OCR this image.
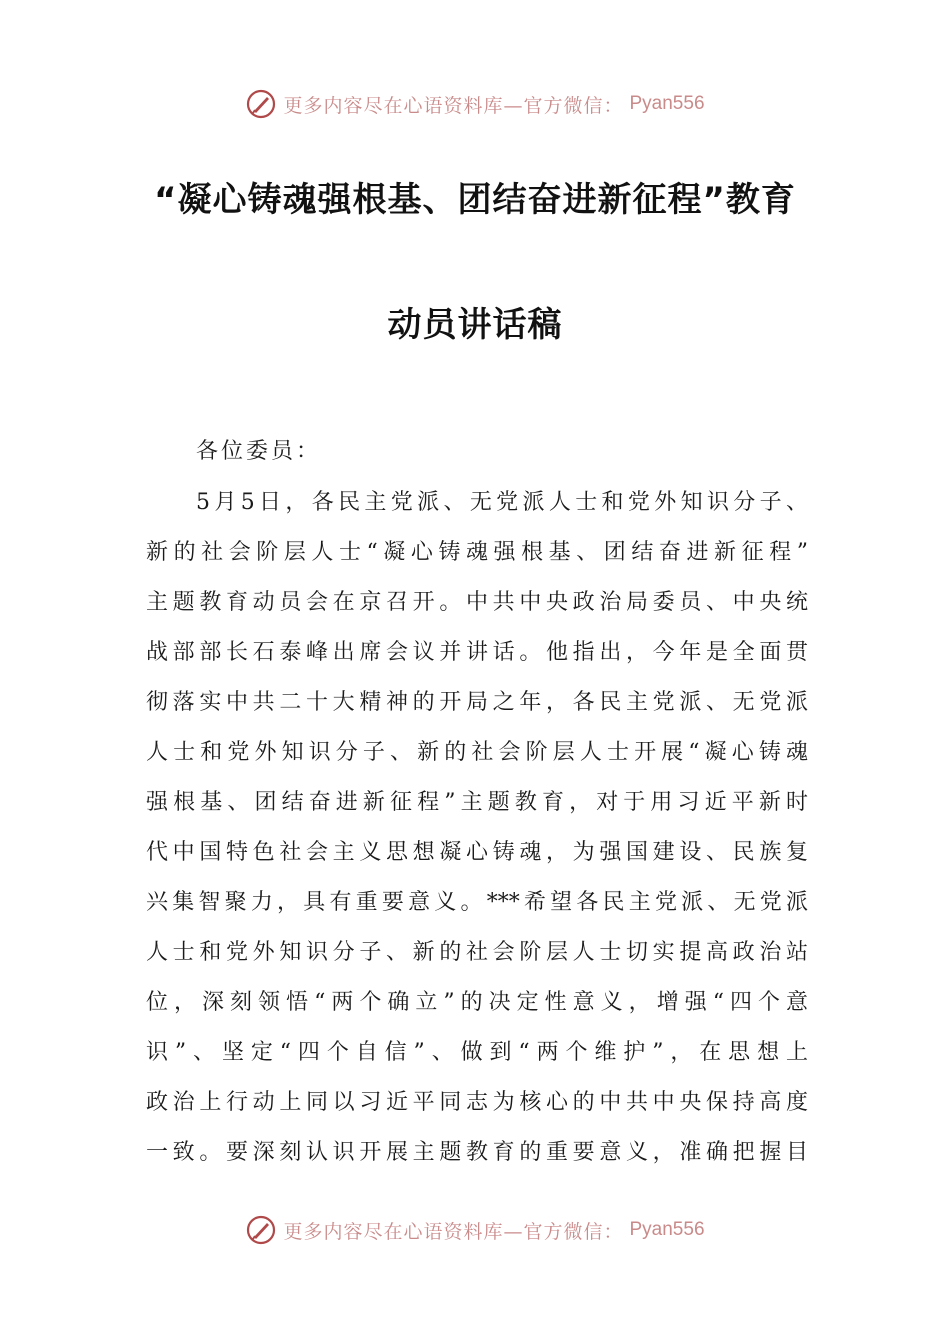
更多内容尽在心语资料库—官方微信： Pyan556
“凝心铸魂强根基、团结奋进新征程”教育
动员讲话稿
各位委员：
5月5日，各民主党派、无党派人士和党外知识分子、
新的社会阶层人士“凝心铸魂强根基、团结奋进新征程”
主题教育动员会在京召开。中共中央政治局委员、中央统
战部部长石泰峰出席会议并讲话。他指出，今年是全面贯
彻落实中共二十大精神的开局之年，各民主党派、无党派
人士和党外知识分子、新的社会阶层人士开展“凝心铸魂
强根基、团结奋进新征程”主题教育，对于用习近平新时
代中国特色社会主义思想凝心铸魂，为强国建设、民族复
兴集智聚力，具有重要意义。***希望各民主党派、无党派
人士和党外知识分子、新的社会阶层人士切实提高政治站
位，深刻领悟“两个确立”的决定性意义，增强“四个意
识”、坚定“四个自信”、做到“两个维护”，在思想上
政治上行动上同以习近平同志为核心的中共中央保持高度
一致。要深刻认识开展主题教育的重要意义，准确把握目
更多内容尽在心语资料库—官方微信： Pyan556
